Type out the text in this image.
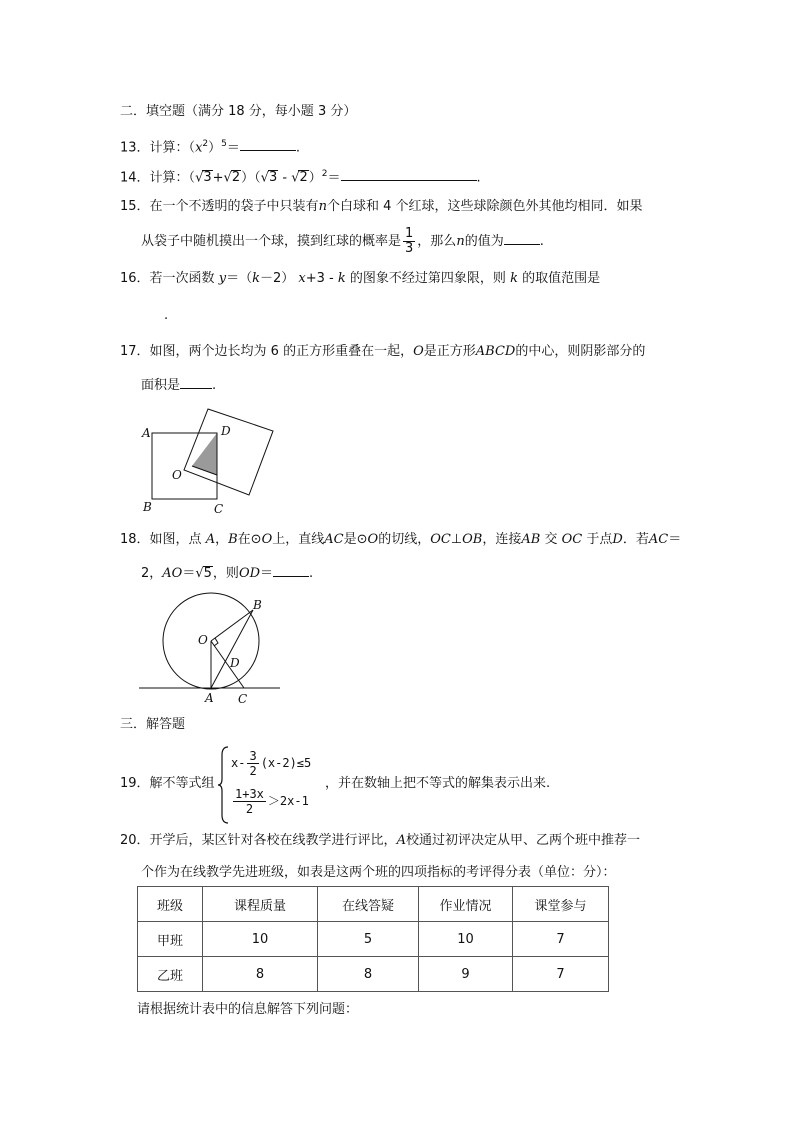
二．填空题（满分 18 分，每小题 3 分）
13．计算：$(x^2)^5=$	.
14．计算：（√3+√2）（√3 - √2）$^2$＝	.
15．在一个不透明的袋子中只装有n个白球和 4 个红球，这些球除颜色外其他均相同．如果
从袋子中随机摸出一个球，摸到红球的概率是 $\frac{1}{3}$ ，那么n的值为	.
16．若一次函数 y＝（k－2） x+3 - k 的图象不经过第四象限，则 k 的取值范围是
.
17．如图，两个边长均为 6 的正方形重叠在一起，O是正方形ABCD的中心，则阴影部分的
面积是 .
A
B	C
D
O
18．如图，点 A，B在⊙O上，直线AC是⊙O的切线，OC⊥OB，连接AB 交 OC 于点D．若AC＝
2，AO＝√5，则OD＝	.
O
B
D
A C
三．解答题
19．解不等式组
$x- \frac{3}{2} (x-2)\le 5$
$\frac{1+3x}{2} >2x-1$
，并在数轴上把不等式的解集表示出来.
20．开学后，某区针对各校在线教学进行评比，A校通过初评决定从甲、乙两个班中推荐一
个作为在线教学先进班级，如表是这两个班的四项指标的考评得分表（单位：分）：
班级	课程质量	在线答疑	作业情况	课堂参与
甲班	10	5	10	7
乙班	8	8	9	7
请根据统计表中的信息解答下列问题：
